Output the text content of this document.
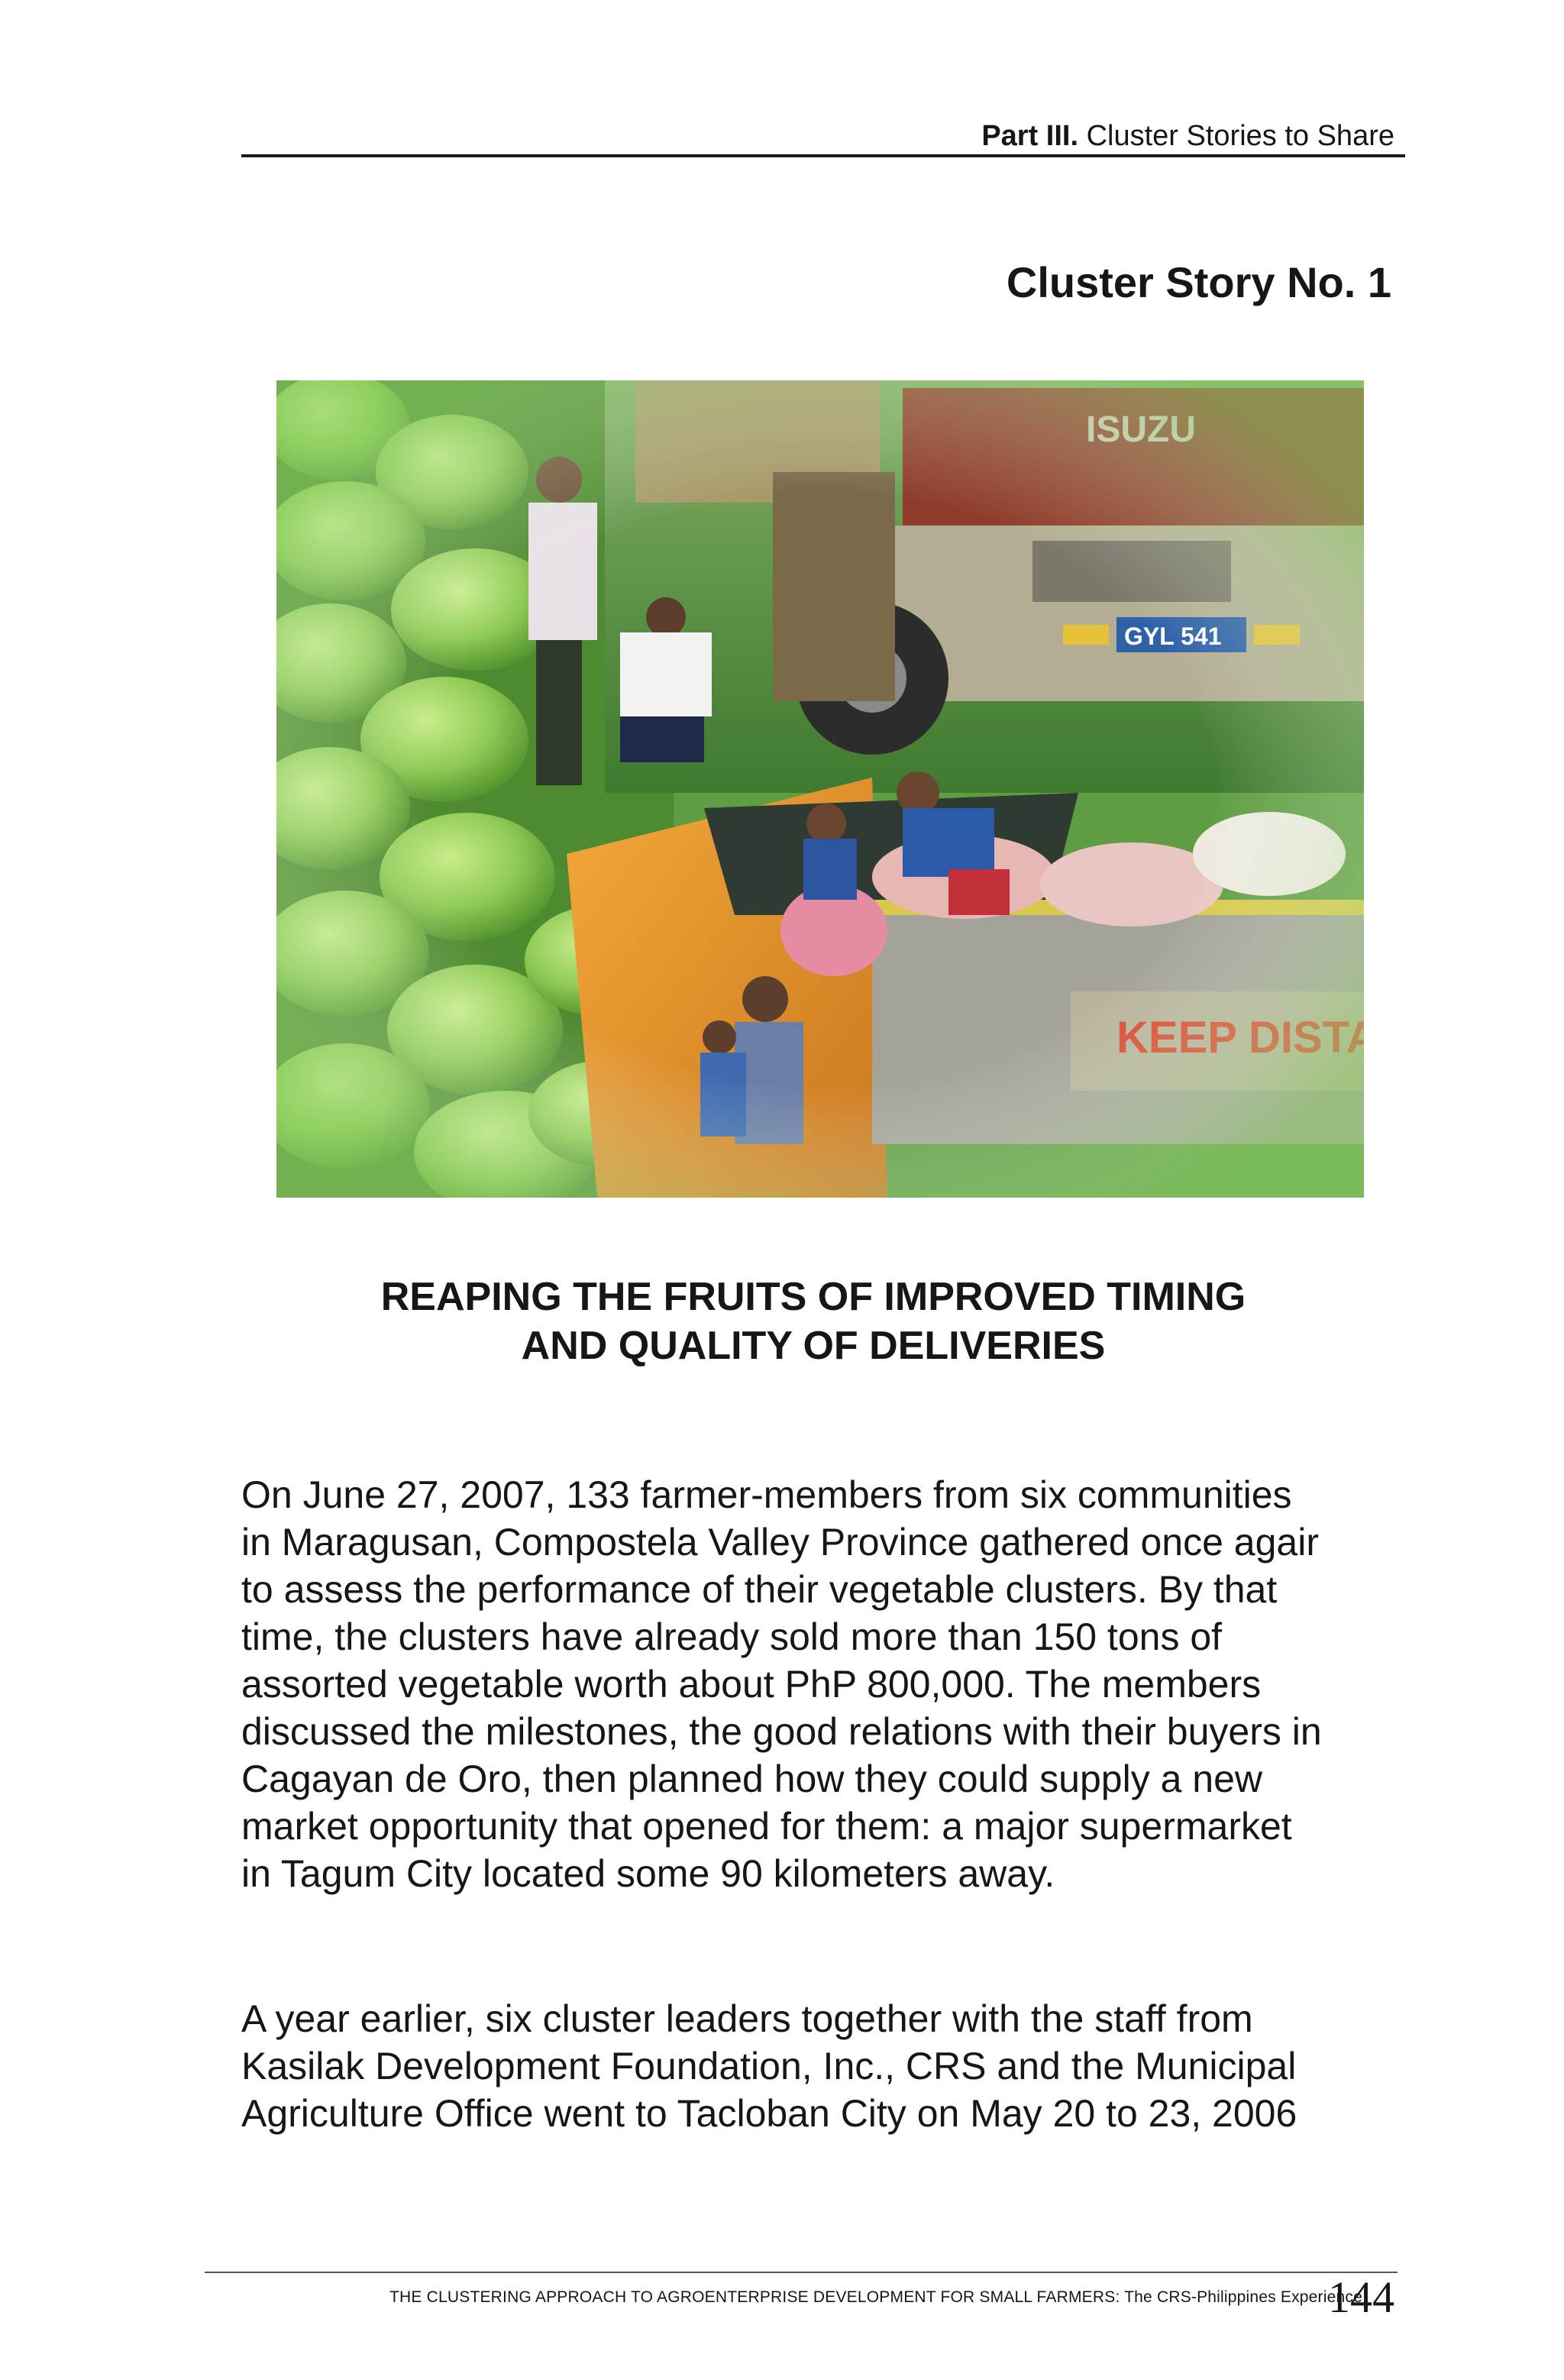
Part III. Cluster Stories to Share
Cluster Story No. 1
REAPING THE FRUITS OF IMPROVED TIMING
AND QUALITY OF DELIVERIES

On June 27, 2007, 133 farmer-members from six communities
in Maragusan, Compostela Valley Province gathered once agair
to assess the performance of their vegetable clusters. By that
time, the clusters have already sold more than 150 tons of
assorted vegetable worth about PhP 800,000. The members
discussed the milestones, the good relations with their buyers in
Cagayan de Oro, then planned how they could supply a new
market opportunity that opened for them: a major supermarket
in Tagum City located some 90 kilometers away.

A year earlier, six cluster leaders together with the staff from
Kasilak Development Foundation, Inc., CRS and the Municipal
Agriculture Office went to Tacloban City on May 20 to 23, 2006

THE CLUSTERING APPROACH TO AGROENTERPRISE DEVELOPMENT FOR SMALL FARMERS: The CRS-Philippines Experience
144
